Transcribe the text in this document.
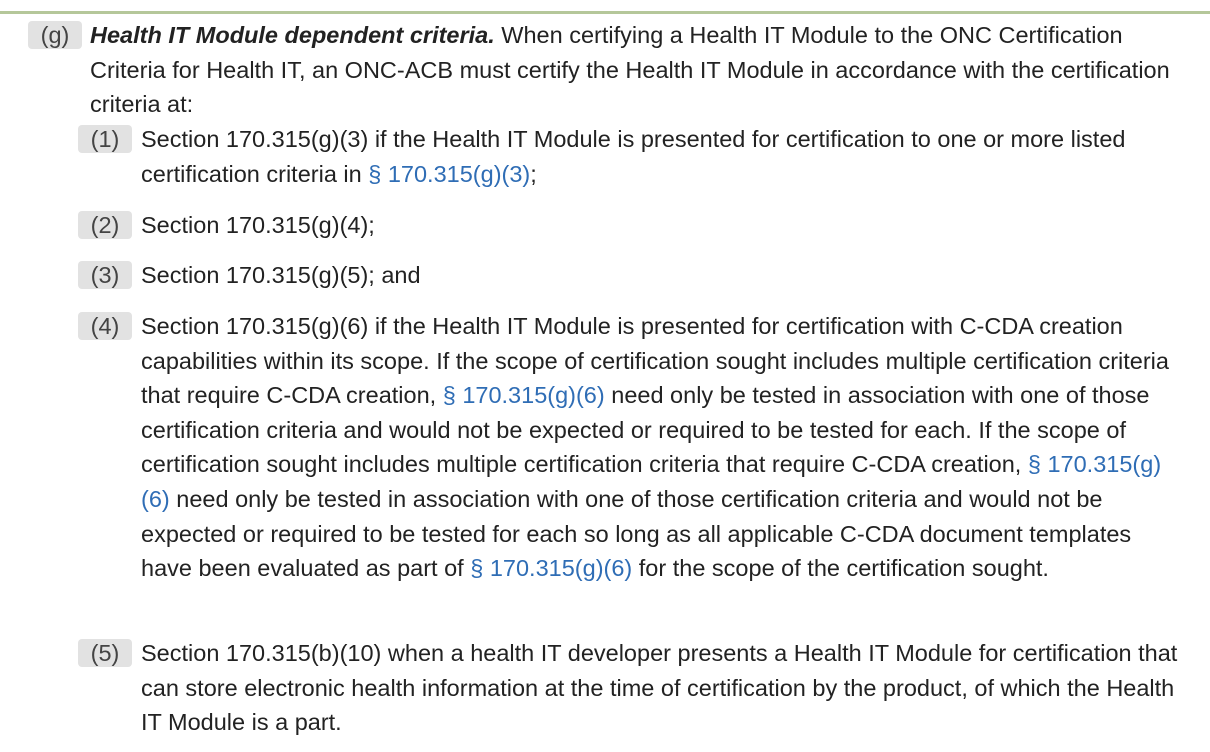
(g) Health IT Module dependent criteria. When certifying a Health IT Module to the ONC Certification Criteria for Health IT, an ONC-ACB must certify the Health IT Module in accordance with the certification criteria at:
(1) Section 170.315(g)(3) if the Health IT Module is presented for certification to one or more listed certification criteria in § 170.315(g)(3);
(2) Section 170.315(g)(4);
(3) Section 170.315(g)(5); and
(4) Section 170.315(g)(6) if the Health IT Module is presented for certification with C-CDA creation capabilities within its scope. If the scope of certification sought includes multiple certification criteria that require C-CDA creation, § 170.315(g)(6) need only be tested in association with one of those certification criteria and would not be expected or required to be tested for each. If the scope of certification sought includes multiple certification criteria that require C-CDA creation, § 170.315(g)(6) need only be tested in association with one of those certification criteria and would not be expected or required to be tested for each so long as all applicable C-CDA document templates have been evaluated as part of § 170.315(g)(6) for the scope of the certification sought.
(5) Section 170.315(b)(10) when a health IT developer presents a Health IT Module for certification that can store electronic health information at the time of certification by the product, of which the Health IT Module is a part.
